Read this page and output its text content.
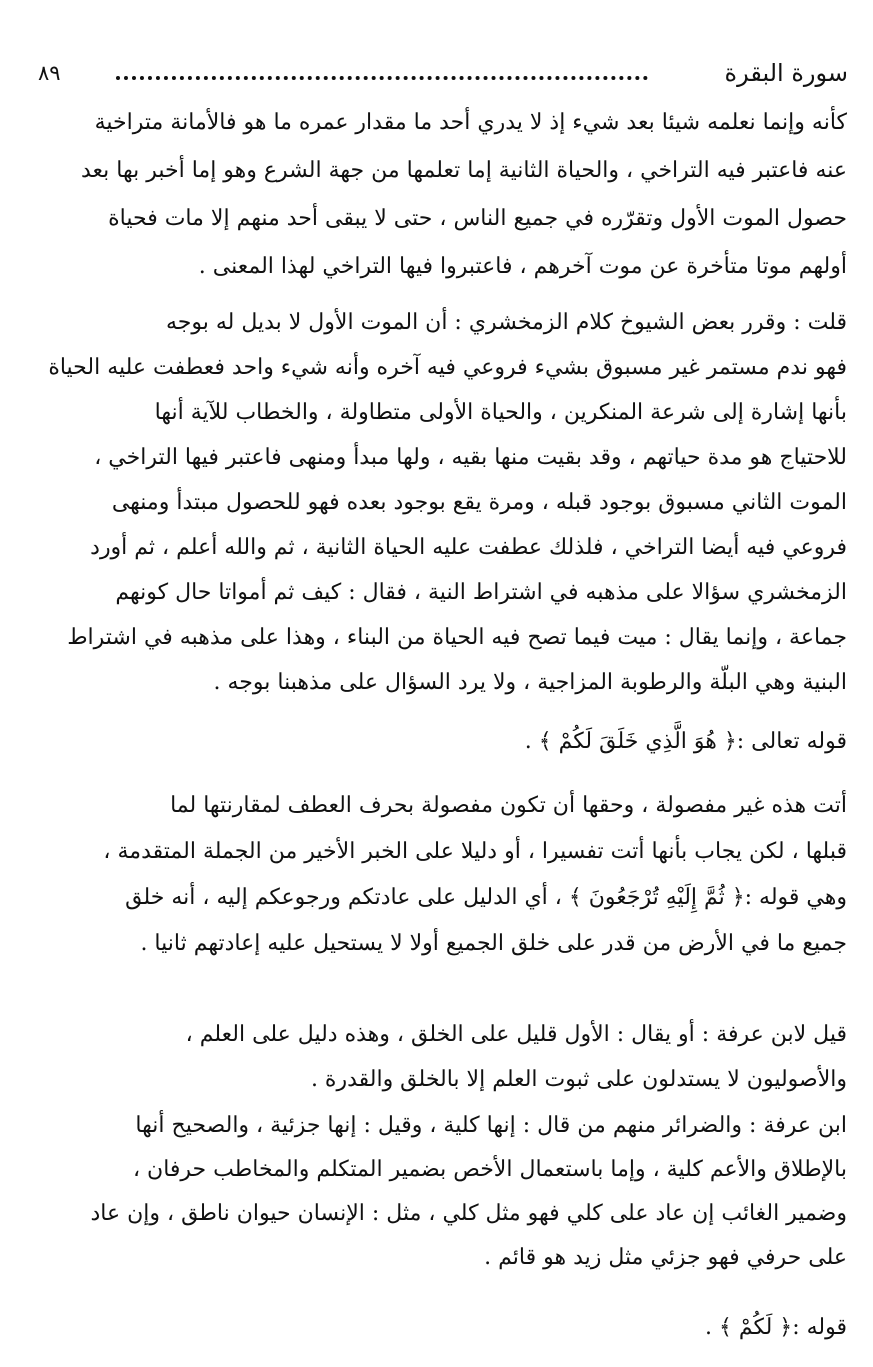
٨٩	سورة البقرة
كأنه وإنما نعلمه شيئا بعد شيء إذ لا يدري أحد ما مقدار عمره ما هو فالأمانة متراخية
عنه فاعتبر فيه التراخي ، والحياة الثانية إما تعلمها من جهة الشرع وهو إما أخبر بها بعد
حصول الموت الأول وتقرّره في جميع الناس ، حتى لا يبقى أحد منهم إلا مات فحياة
أولهم موتا متأخرة عن موت آخرهم ، فاعتبروا فيها التراخي لهذا المعنى .
قلت : وقرر بعض الشيوخ كلام الزمخشري : أن الموت الأول لا بديل له بوجه
فهو ندم مستمر غير مسبوق بشيء فروعي فيه آخره وأنه شيء واحد فعطفت عليه الحياة
بأنها إشارة إلى شرعة المنكرين ، والحياة الأولى متطاولة ، والخطاب للآية أنها
للاحتياج هو مدة حياتهم ، وقد بقيت منها بقيه ، ولها مبدأ ومنهى فاعتبر فيها التراخي ،
الموت الثاني مسبوق بوجود قبله ، ومرة يقع بوجود بعده فهو للحصول مبتدأ ومنهى
فروعي فيه أيضا التراخي ، فلذلك عطفت عليه الحياة الثانية ، ثم والله أعلم ، ثم أورد
الزمخشري سؤالا على مذهبه في اشتراط النية ، فقال : كيف ثم أمواتا حال كونهم
جماعة ، وإنما يقال : ميت فيما تصح فيه الحياة من البناء ، وهذا على مذهبه في اشتراط
البنية وهي البلّة والرطوبة المزاجية ، ولا يرد السؤال على مذهبنا بوجه .
قوله تعالى :﴿ هُوَ الَّذِي خَلَقَ لَكُمْ ﴾ .
أتت هذه غير مفصولة ، وحقها أن تكون مفصولة بحرف العطف لمقارنتها لما
قبلها ، لكن يجاب بأنها أتت تفسيرا ، أو دليلا على الخبر الأخير من الجملة المتقدمة ،
وهي قوله :﴿ ثُمَّ إِلَيْهِ تُرْجَعُونَ ﴾ ، أي الدليل على عادتكم ورجوعكم إليه ، أنه خلق
جميع ما في الأرض من قدر على خلق الجميع أولا لا يستحيل عليه إعادتهم ثانيا .
قيل لابن عرفة : أو يقال : الأول قليل على الخلق ، وهذه دليل على العلم ،
والأصوليون لا يستدلون على ثبوت العلم إلا بالخلق والقدرة .
ابن عرفة : والضرائر منهم من قال : إنها كلية ، وقيل : إنها جزئية ، والصحيح أنها
بالإطلاق والأعم كلية ، وإما باستعمال الأخص بضمير المتكلم والمخاطب حرفان ،
وضمير الغائب إن عاد على كلي فهو مثل كلي ، مثل : الإنسان حيوان ناطق ، وإن عاد
على حرفي فهو جزئي مثل زيد هو قائم .
قوله :﴿ لَكُمْ ﴾ .
